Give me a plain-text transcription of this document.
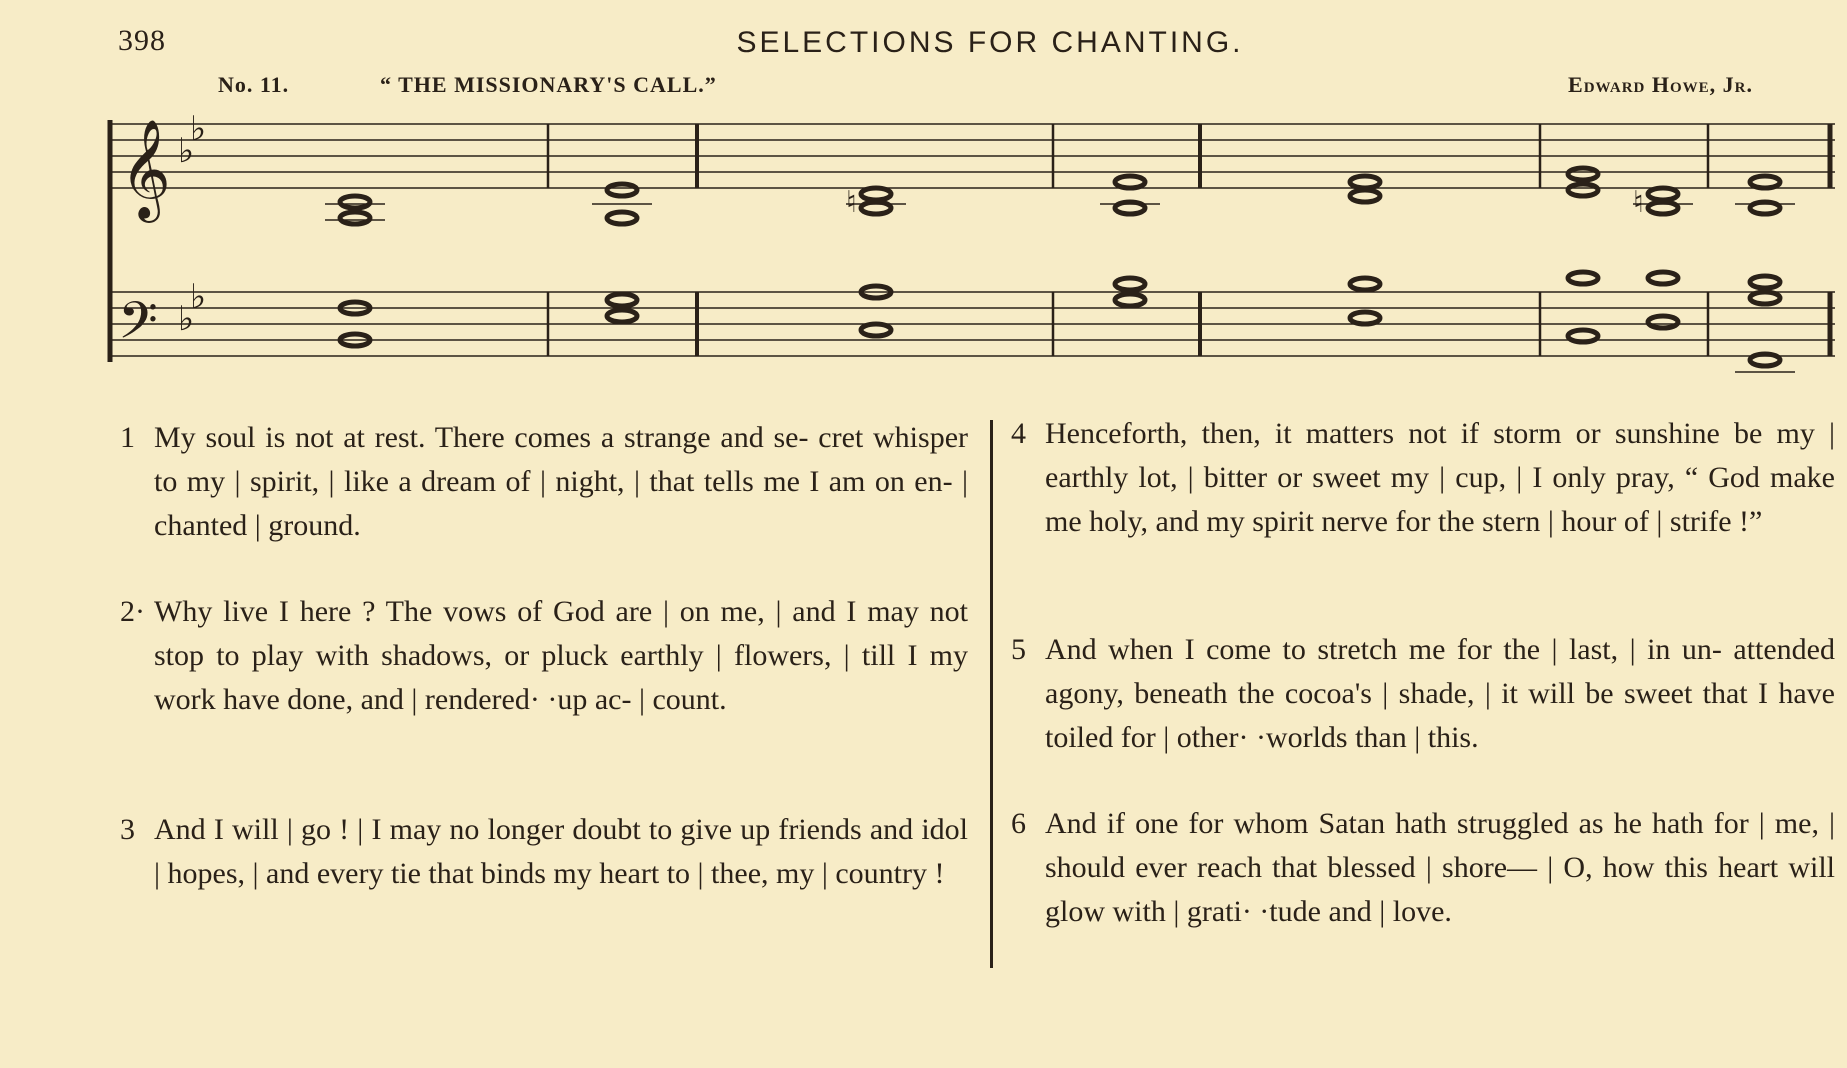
398	SELECTIONS FOR CHANTING.
No. 11.	“ THE MISSIONARY'S CALL.”	Edward Howe, Jr.
𝄞
𝄢
♭
♭
♭
♭
♮	♮
1 My soul is not at rest. There comes a strange and se- cret whisper to my | spirit, | like a dream of | night, | that tells me I am on en- | chanted | ground.
2· Why live I here ? The vows of God are | on me, | and I may not stop to play with shadows, or pluck earthly | flowers, | till I my work have done, and | rendered· ·up ac- | count.
3 And I will | go ! | I may no longer doubt to give up friends and idol | hopes, | and every tie that binds my heart to | thee, my | country !
4 Henceforth, then, it matters not if storm or sunshine be my | earthly lot, | bitter or sweet my | cup, | I only pray, “ God make me holy, and my spirit nerve for the stern | hour of | strife !”
5 And when I come to stretch me for the | last, | in un- attended agony, beneath the cocoa's | shade, | it will be sweet that I have toiled for | other· ·worlds than | this.
6 And if one for whom Satan hath struggled as he hath for | me, | should ever reach that blessed | shore— | O, how this heart will glow with | grati· ·tude and | love.
